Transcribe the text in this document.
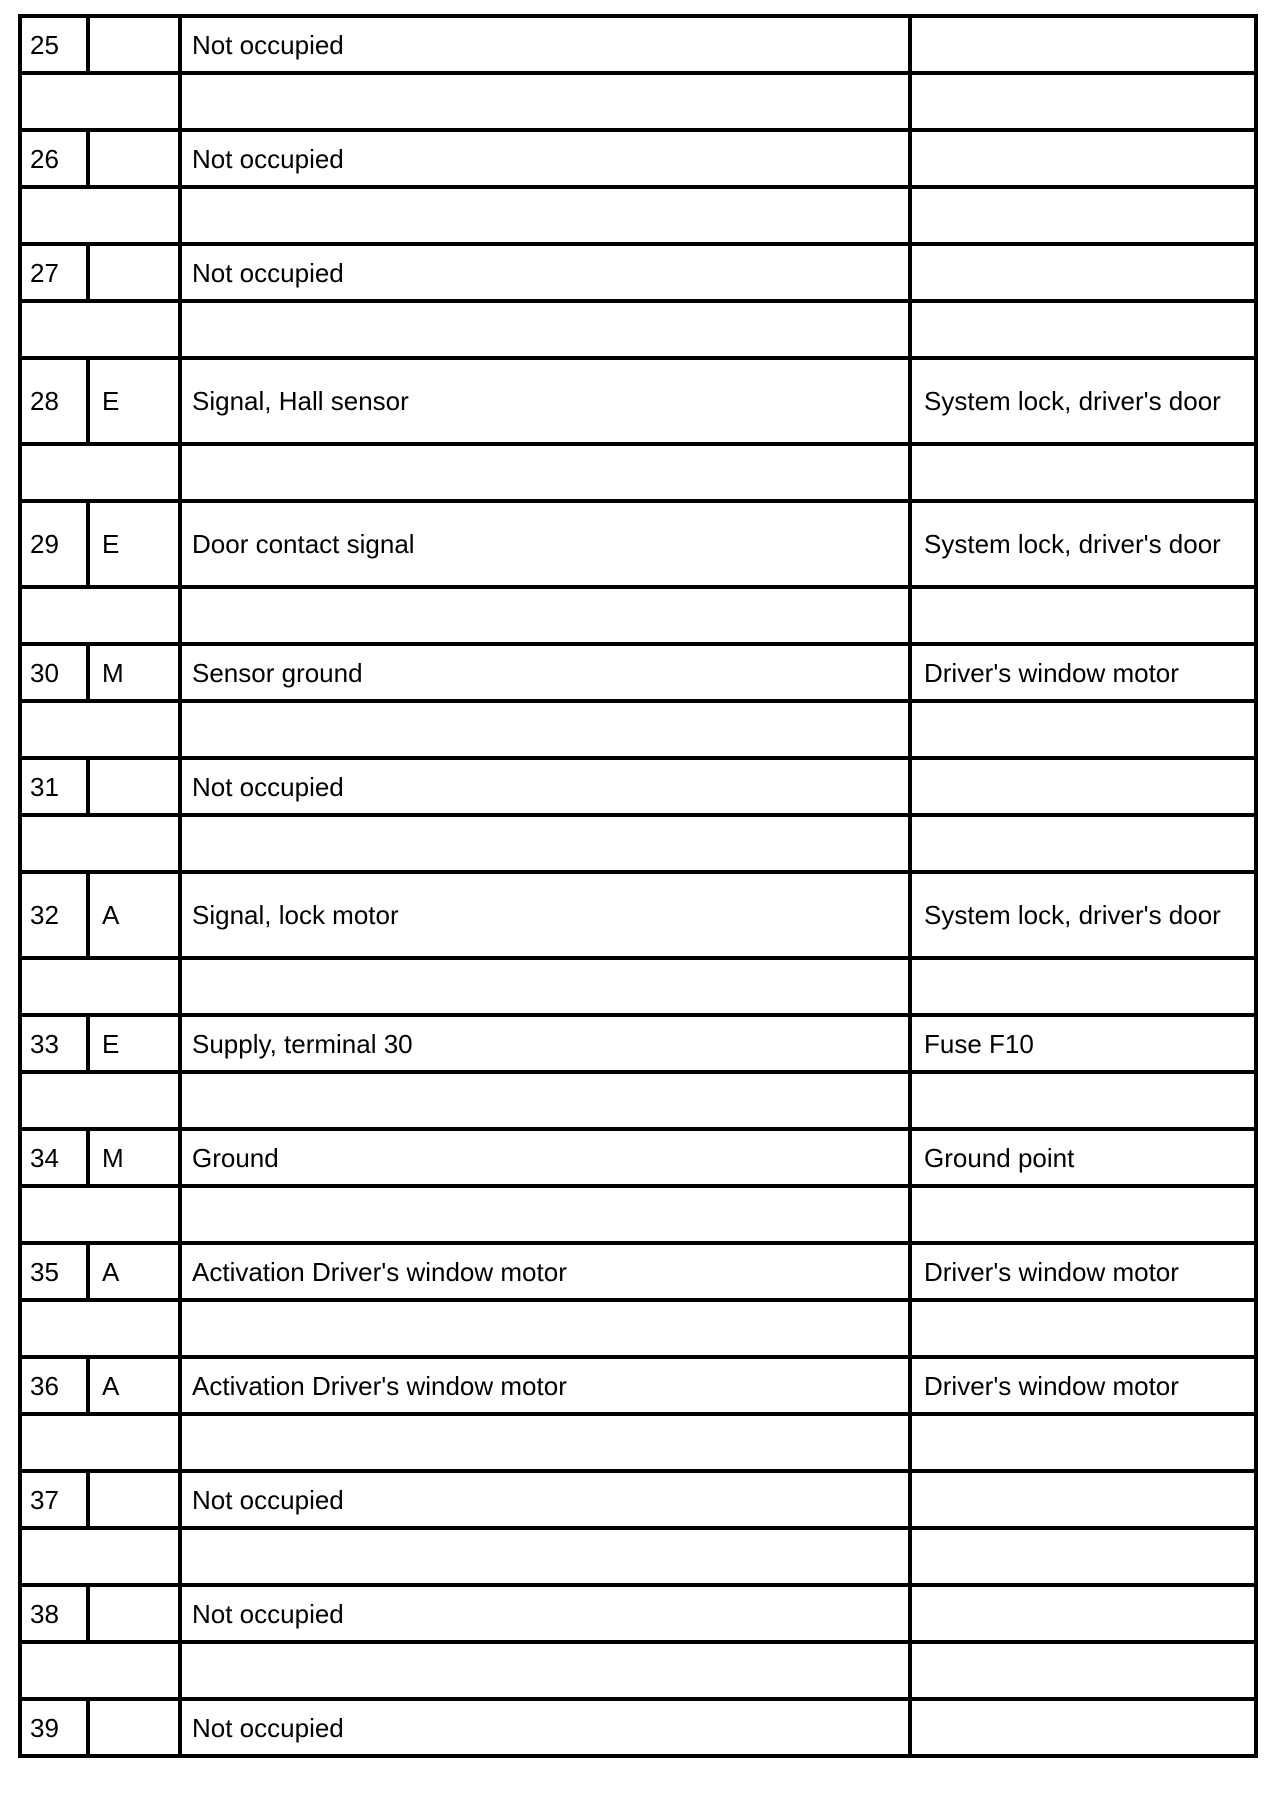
25		Not occupied	

26		Not occupied	

27		Not occupied	

28	E	Signal, Hall sensor	System lock, driver's door

29	E	Door contact signal	System lock, driver's door

30	M	Sensor ground	Driver's window motor

31		Not occupied	

32	A	Signal, lock motor	System lock, driver's door

33	E	Supply, terminal 30	Fuse F10

34	M	Ground	Ground point

35	A	Activation Driver's window motor	Driver's window motor

36	A	Activation Driver's window motor	Driver's window motor

37		Not occupied	

38		Not occupied	

39		Not occupied	
